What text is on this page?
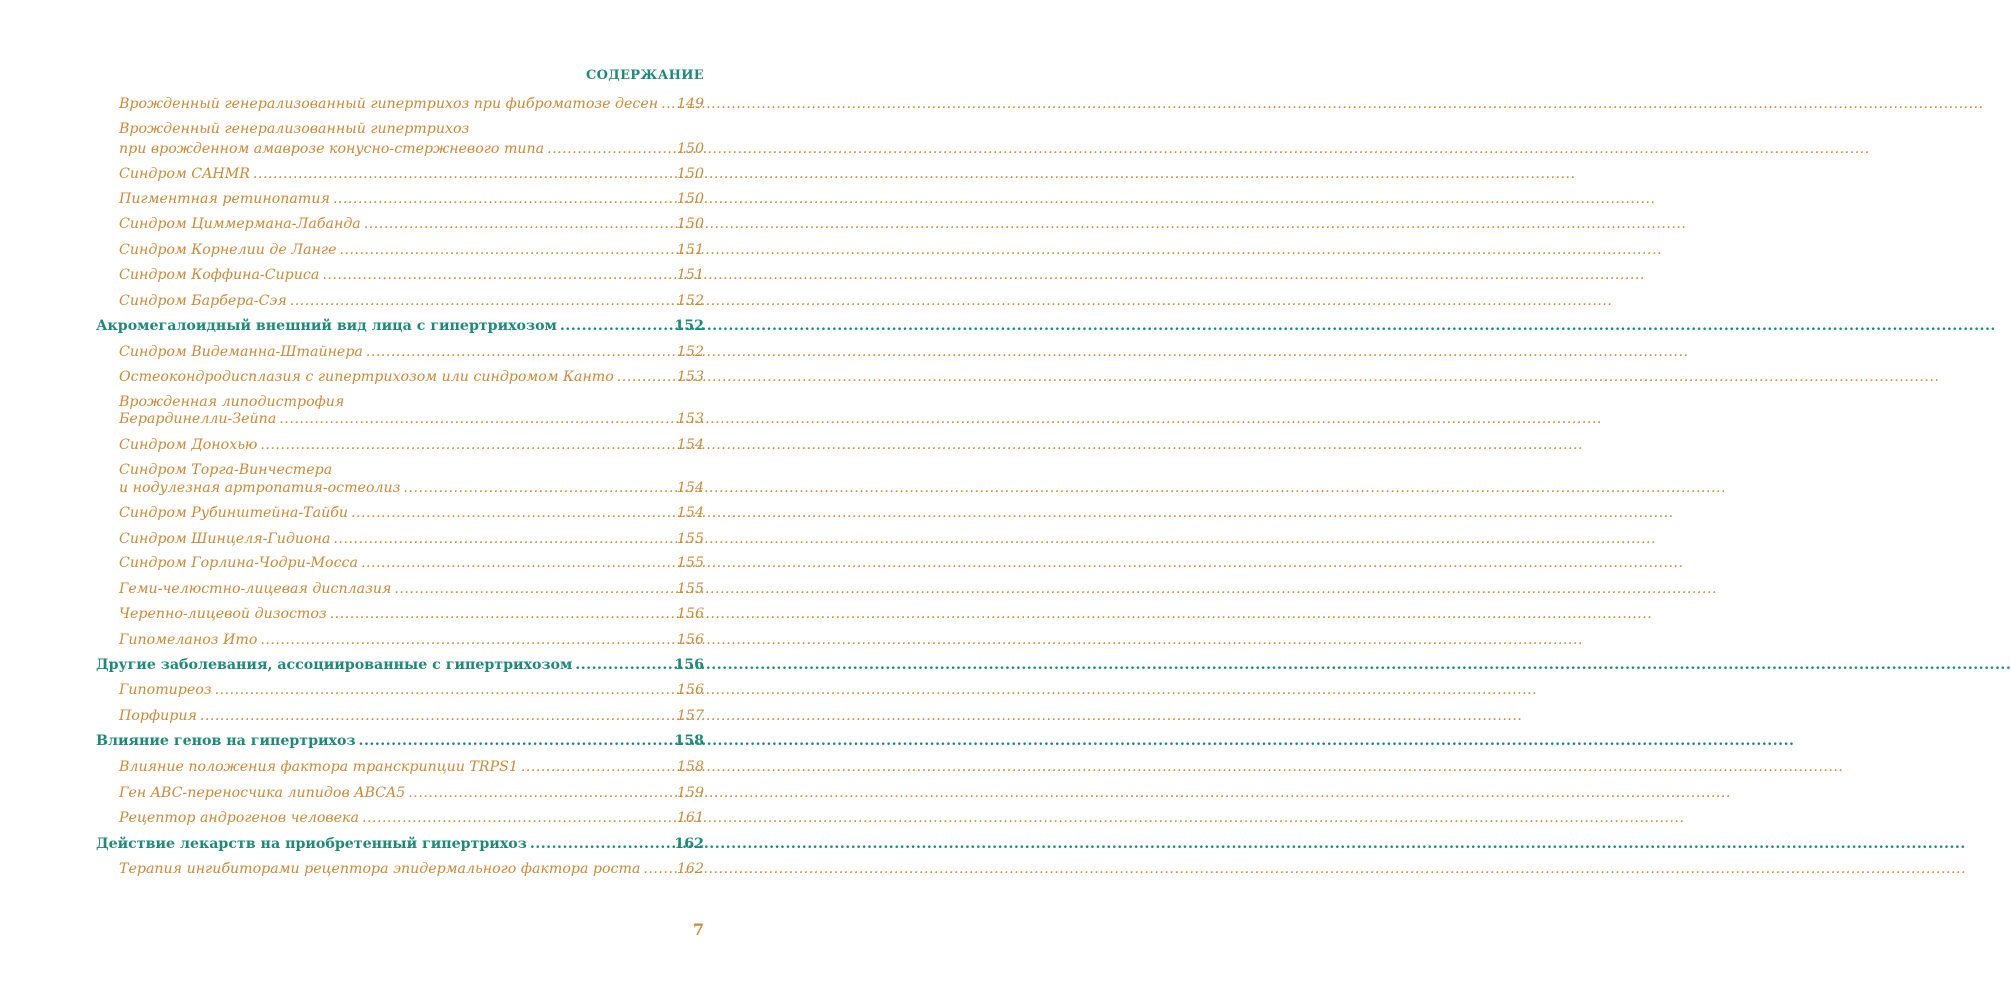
СОДЕРЖАНИЕ
Врожденный генерализованный гипертрихоз при фиброматозе десен ..... 149
Врожденный генерализованный гипертрихоз
при врожденном амаврозе конусно-стержневого типа .....	150
Синдром CAHMR .....	150
Пигментная ретинопатия .....	150
Синдром Циммермана-Лабанда .....	150
Синдром Корнелии де Ланге .....	151
Синдром Коффина-Сириса .....	151
Синдром Барбера-Сэя .....	152
Акромегалоидный внешний вид лица с гипертрихозом .....	152
Синдром Видеманна-Штайнера .....	152
Остеокондродисплазия с гипертрихозом или синдромом Канто .....	153
Врожденная липодистрофия
Берардинелли-Зейпа .....	153
Синдром Донохью .....	154
Синдром Торга-Винчестера
и нодулезная артропатия-остеолиз .....	154
Синдром Рубинштейна-Тайби .....	154
Синдром Шинцеля-Гидиона .....	155
Синдром Горлина-Чодри-Мосса .....	155
Геми-челюстно-лицевая дисплазия .....	155
Черепно-лицевой дизостоз .....	156
Гипомеланоз Ито .....	156
Другие заболевания, ассоциированные с гипертрихозом .....	156
Гипотиреоз .....	156
Порфирия .....	157
Влияние генов на гипертрихоз .....	158
Влияние положения фактора транскрипции TRPS1 .....	158
Ген ABC-переносчика липидов ABCA5 .....	159
Рецептор андрогенов человека .....	161
Действие лекарств на приобретенный гипертрихоз .....	162
Терапия ингибиторами рецептора эпидермального фактора роста .....	162
7
